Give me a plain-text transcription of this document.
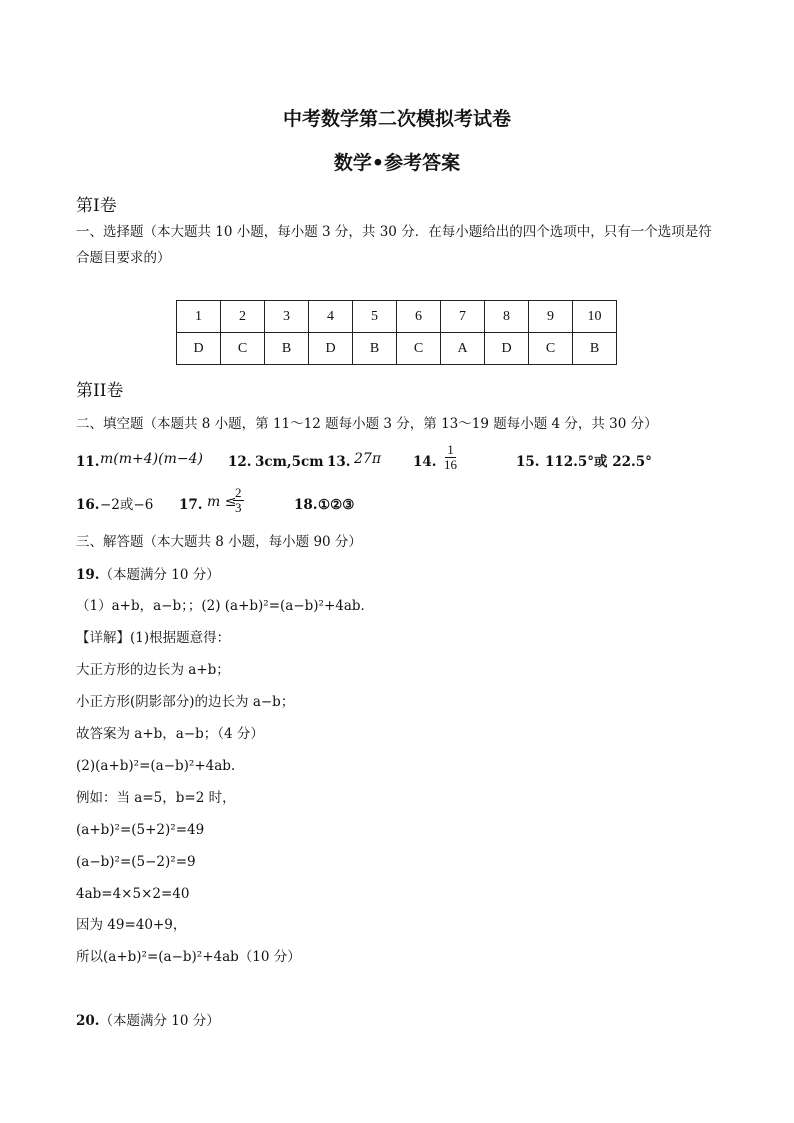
中考数学第二次模拟考试卷
数学•参考答案
第Ⅰ卷
一、选择题（本大题共 10 小题，每小题 3 分，共 30 分．在每小题给出的四个选项中，只有一个选项是符
合题目要求的）
1	2	3	4	5	6	7	8	9	10
D	C	B	D	B	C	A	D	C	B
第II卷
二、填空题（本题共 8 小题，第 11～12 题每小题 3 分，第 13～19 题每小题 4 分，共 30 分）
11. m(m+4)(m−4) 12. 3cm,5cm 13. 27π 14. $\frac{1}{16}$	15. 112.5°或 22.5°
16. −2或−6 17. m ≤
$\frac{2}{3}$	18. ①②③
三、解答题（本大题共 8 小题，每小题 90 分）
19.（本题满分 10 分）
（1）a+b，a−b；；(2) (a+b)²=(a−b)²+4ab．
【详解】(1)根据题意得：
大正方形的边长为 a+b；
小正方形(阴影部分)的边长为 a−b；
故答案为 a+b，a−b；（4 分）
(2)(a+b)²=(a−b)²+4ab.
例如：当 a=5，b=2 时，
(a+b)²=(5+2)²=49
(a−b)²=(5−2)²=9
4ab=4×5×2=40
因为 49=40+9，
所以(a+b)²=(a−b)²+4ab（10 分）
20.（本题满分 10 分）
